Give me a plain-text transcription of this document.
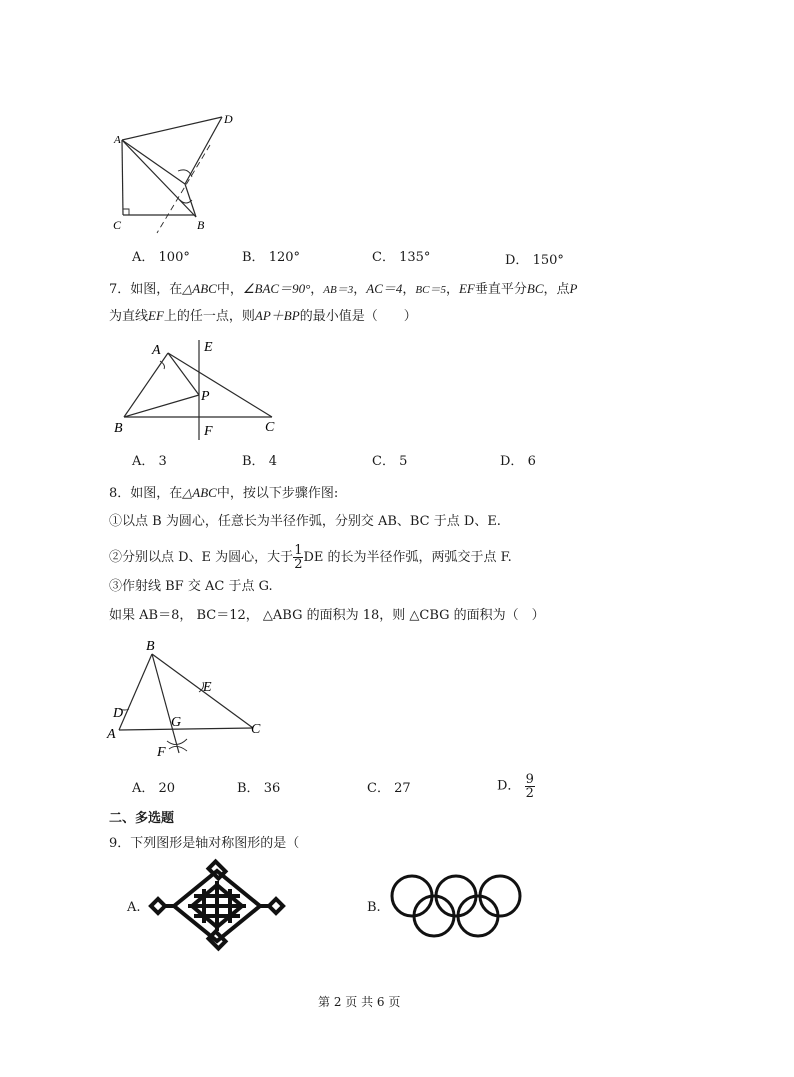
A
D
C	B
A． 100°	B． 120°	C． 135°	D． 150°
7．如图，在△ABC中，∠BAC＝90°，AB＝3，AC＝4，BC＝5，EF垂直平分BC，点P
为直线EF上的任一点，则AP＋BP的最小值是（　　）
A	E
P
B	F	C
A． 3	B． 4	C． 5	D． 6
8．如图，在△ABC中，按以下步骤作图:
①以点 B 为圆心，任意长为半径作弧，分别交 AB、BC 于点 D、E.
②分别以点 D、E 为圆心，大于 $\frac{1}{2}$ DE 的长为半径作弧，两弧交于点 F.
③作射线 BF 交 AC 于点 G.
如果 AB＝8， BC＝12， △ABG 的面积为 18，则 △CBG 的面积为（　）
B
E
D
G
A	C
F
A． 20	B． 36	C． 27	D． $\frac{9}{2}$
二、多选题
9．下列图形是轴对称图形的是（
A.	B.
第 2 页 共 6 页
